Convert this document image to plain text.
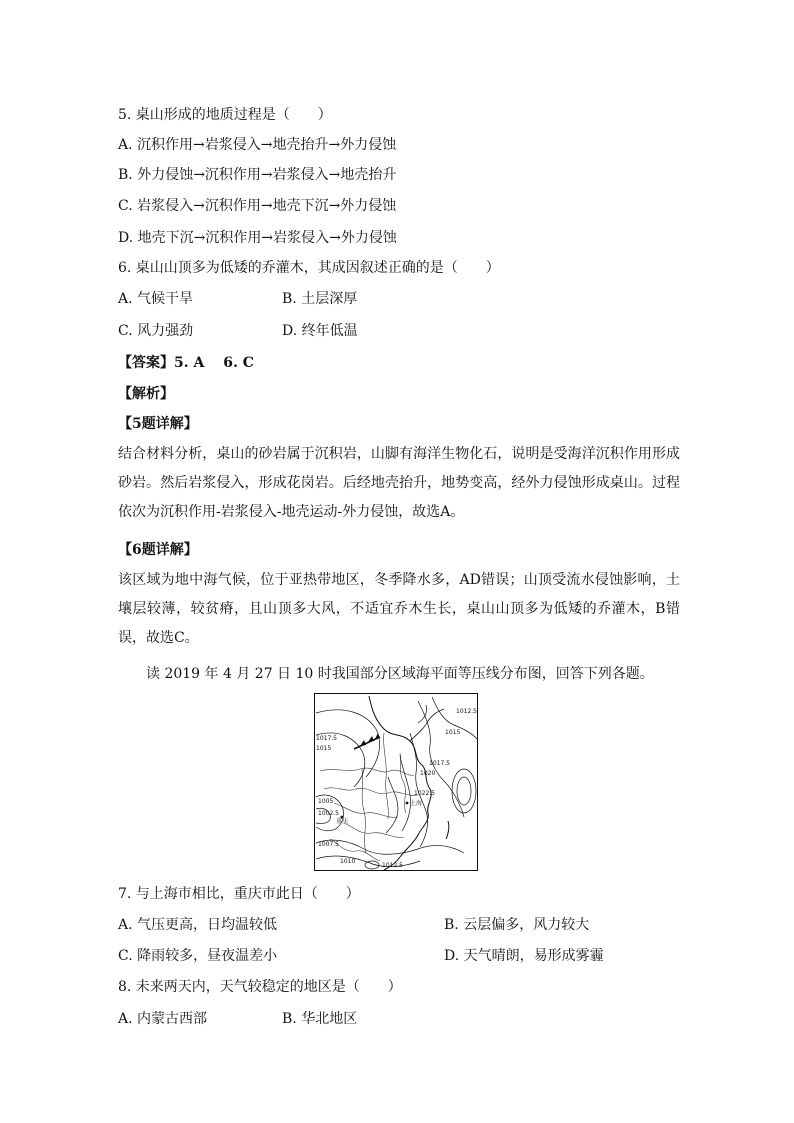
5. 桌山形成的地质过程是（　　）
A. 沉积作用→岩浆侵入→地壳抬升→外力侵蚀
B. 外力侵蚀→沉积作用→岩浆侵入→地壳抬升
C. 岩浆侵入→沉积作用→地壳下沉→外力侵蚀
D. 地壳下沉→沉积作用→岩浆侵入→外力侵蚀
6. 桌山山顶多为低矮的乔灌木，其成因叙述正确的是（　　）
A. 气候干旱	B. 土层深厚
C. 风力强劲	D. 终年低温
【答案】5. A　 6. C
【解析】
【5题详解】
结合材料分析，桌山的砂岩属于沉积岩，山脚有海洋生物化石，说明是受海洋沉积作用形成砂岩。然后岩浆侵入，形成花岗岩。后经地壳抬升，地势变高，经外力侵蚀形成桌山。过程依次为沉积作用-岩浆侵入-地壳运动-外力侵蚀，故选A。
【6题详解】
该区域为地中海气候，位于亚热带地区，冬季降水多，AD错误；山顶受流水侵蚀影响，土壤层较薄，较贫瘠，且山顶多大风，不适宜乔木生长，桌山山顶多为低矮的乔灌木，B错误，故选C。
读 2019 年 4 月 27 日 10 时我国部分区域海平面等压线分布图，回答下列各题。
1012.5
1017.5
1015
1015
1017.5
1020
1022.5
上海
1005
1002.5
重庆
1007.5
1010
1012.5
7. 与上海市相比，重庆市此日（　　）
A. 气压更高，日均温较低	B. 云层偏多，风力较大
C. 降雨较多，昼夜温差小	D. 天气晴朗，易形成雾霾
8. 未来两天内，天气较稳定的地区是（　　）
A. 内蒙古西部	B. 华北地区
